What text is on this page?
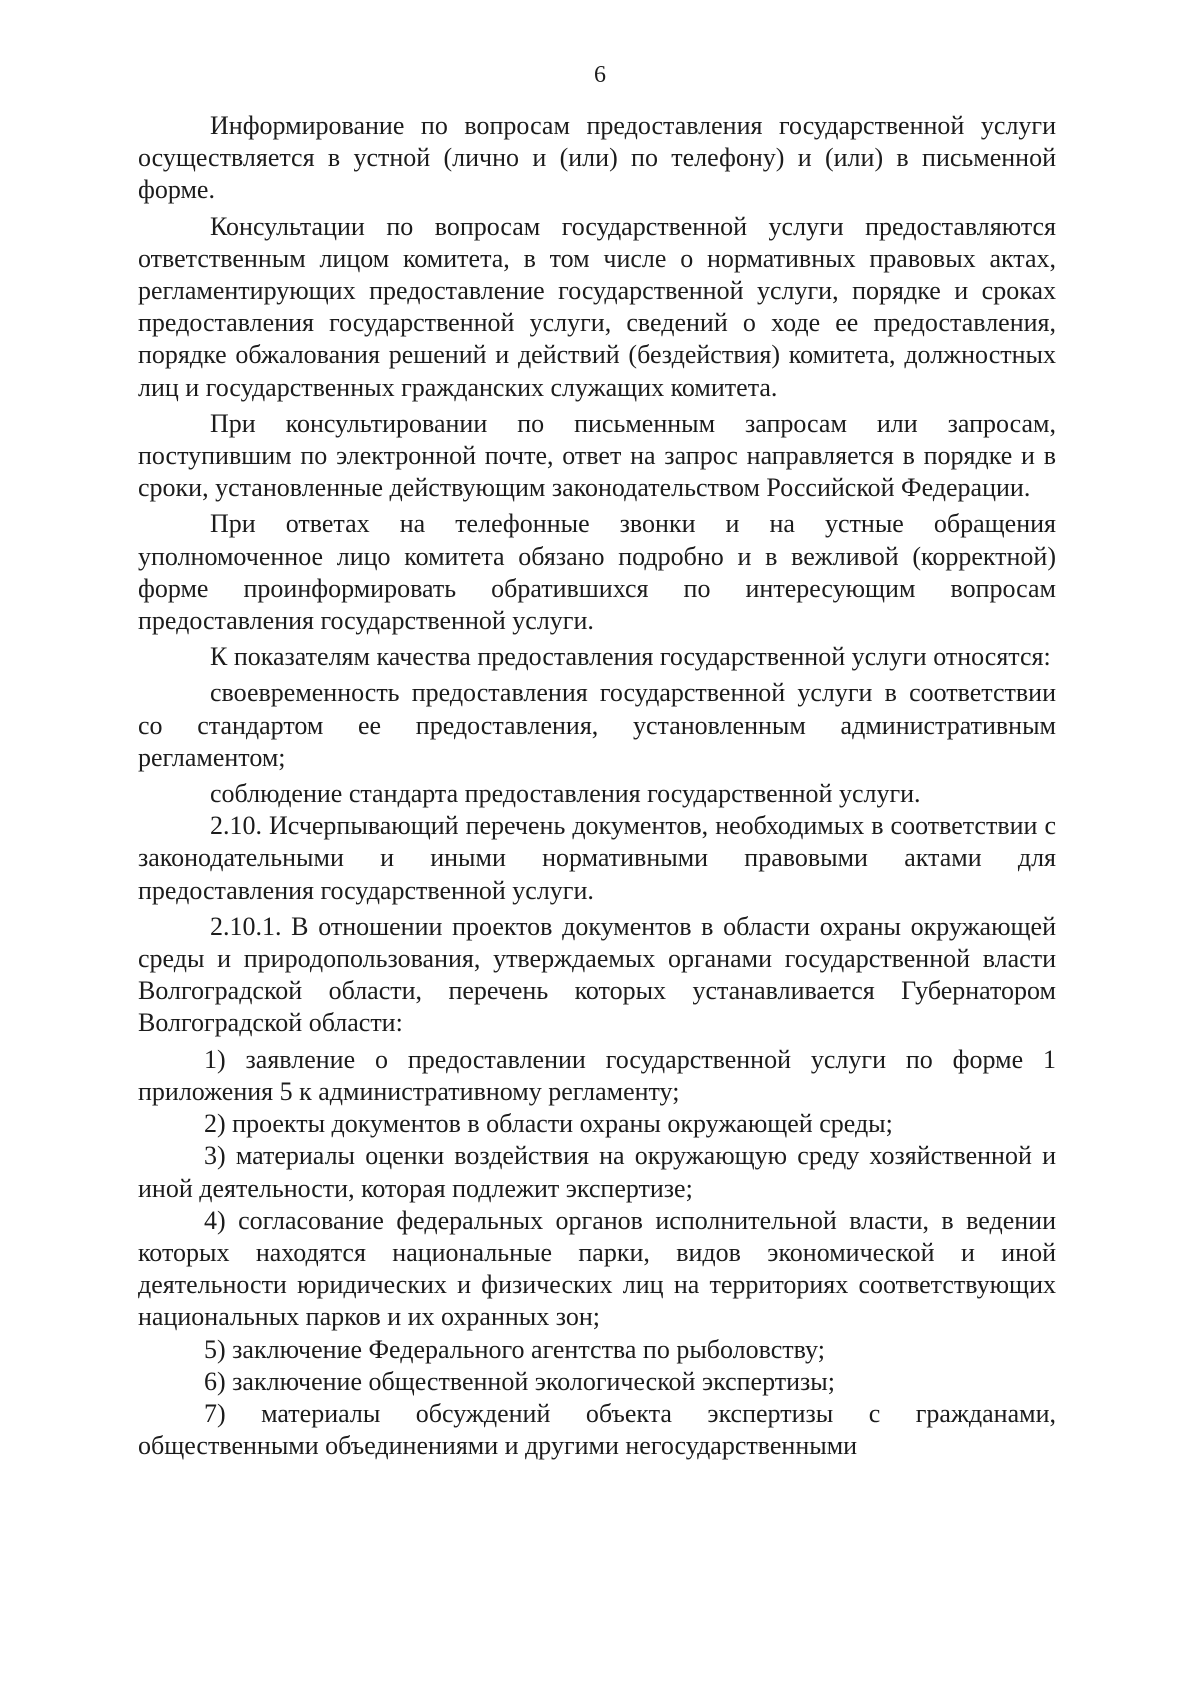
6

Информирование по вопросам предоставления государственной услуги осуществляется в устной (лично и (или) по телефону) и (или) в письменной форме.

Консультации по вопросам государственной услуги предоставляются ответственным лицом комитета, в том числе о нормативных правовых актах, регламентирующих предоставление государственной услуги, порядке и сроках предоставления государственной услуги, сведений о ходе ее предоставления, порядке обжалования решений и действий (бездействия) комитета, должностных лиц и государственных гражданских служащих комитета.

При консультировании по письменным запросам или запросам, поступившим по электронной почте, ответ на запрос направляется в порядке и в сроки, установленные действующим законодательством Российской Федерации.

При ответах на телефонные звонки и на устные обращения уполномоченное лицо комитета обязано подробно и в вежливой (корректной) форме проинформировать обратившихся по интересующим вопросам предоставления государственной услуги.

К показателям качества предоставления государственной услуги относятся:

своевременность предоставления государственной услуги в соответствии со стандартом ее предоставления, установленным административным регламентом;

соблюдение стандарта предоставления государственной услуги.

2.10. Исчерпывающий перечень документов, необходимых в соответствии с законодательными и иными нормативными правовыми актами для предоставления государственной услуги.

2.10.1. В отношении проектов документов в области охраны окружающей среды и природопользования, утверждаемых органами государственной власти Волгоградской области, перечень которых устанавливается Губернатором Волгоградской области:

1) заявление о предоставлении государственной услуги по форме 1 приложения 5 к административному регламенту;

2) проекты документов в области охраны окружающей среды;

3) материалы оценки воздействия на окружающую среду хозяйственной и иной деятельности, которая подлежит экспертизе;

4) согласование федеральных органов исполнительной власти, в ведении которых находятся национальные парки, видов экономической и иной деятельности юридических и физических лиц на территориях соответствующих национальных парков и их охранных зон;

5) заключение Федерального агентства по рыболовству;

6) заключение общественной экологической экспертизы;

7) материалы обсуждений объекта экспертизы с гражданами, общественными объединениями и другими негосударственными
